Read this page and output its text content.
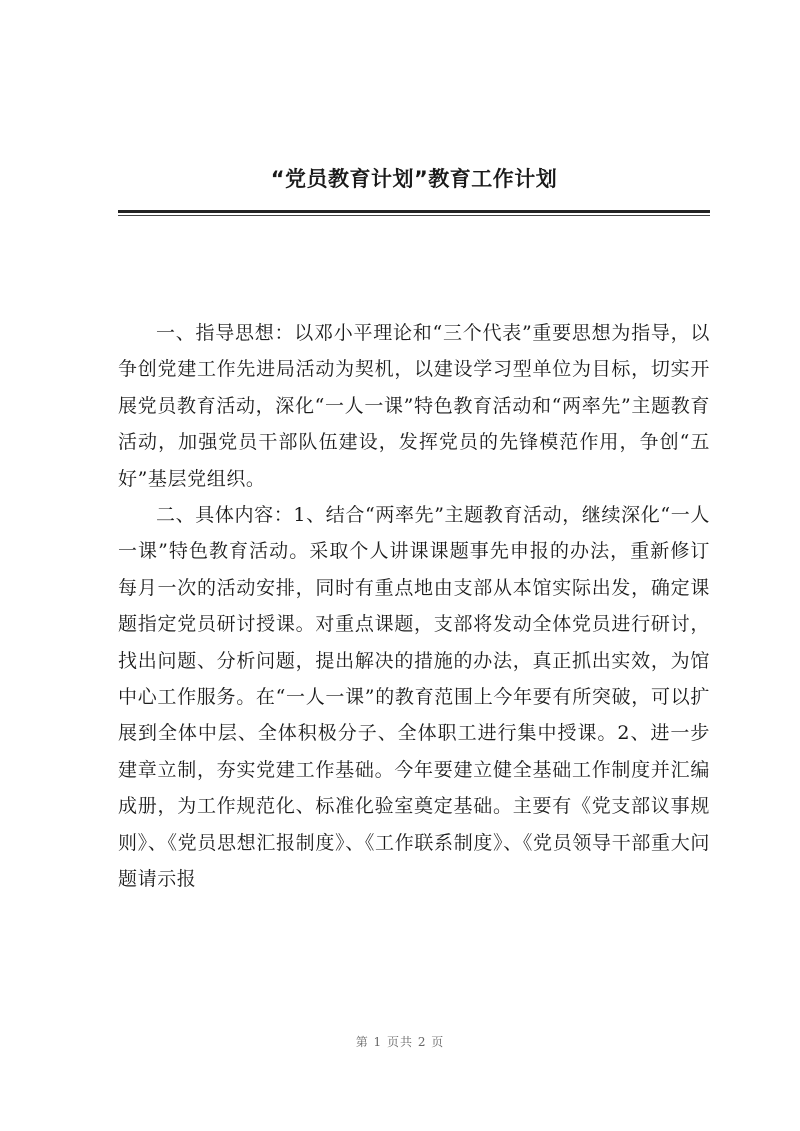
“党员教育计划”教育工作计划

一、指导思想：以邓小平理论和“三个代表”重要思想为指导，以争创党建工作先进局活动为契机，以建设学习型单位为目标，切实开展党员教育活动，深化“一人一课”特色教育活动和“两率先”主题教育活动，加强党员干部队伍建设，发挥党员的先锋模范作用，争创“五好”基层党组织。

二、具体内容：1、结合“两率先”主题教育活动，继续深化“一人一课”特色教育活动。采取个人讲课课题事先申报的办法，重新修订每月一次的活动安排，同时有重点地由支部从本馆实际出发，确定课题指定党员研讨授课。对重点课题，支部将发动全体党员进行研讨，找出问题、分析问题，提出解决的措施的办法，真正抓出实效，为馆中心工作服务。在“一人一课”的教育范围上今年要有所突破，可以扩展到全体中层、全体积极分子、全体职工进行集中授课。2、进一步建章立制，夯实党建工作基础。今年要建立健全基础工作制度并汇编成册，为工作规范化、标准化验室奠定基础。主要有《党支部议事规则》、《党员思想汇报制度》、《工作联系制度》、《党员领导干部重大问题请示报

第 1 页共 2 页
